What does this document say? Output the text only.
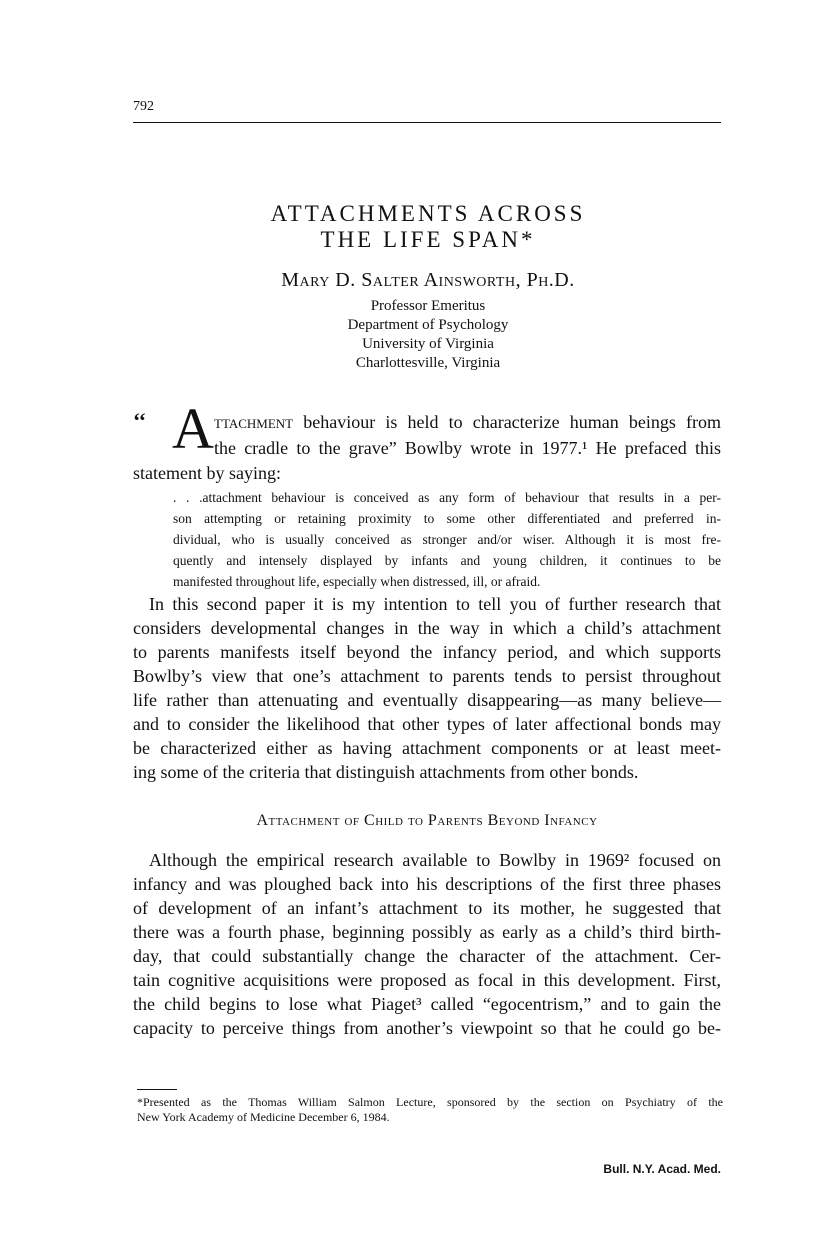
792
ATTACHMENTS ACROSS
THE LIFE SPAN*
Mary D. Salter Ainsworth, Ph.D.
Professor Emeritus
Department of Psychology
University of Virginia
Charlottesville, Virginia
‘‘ A ttachment behaviour is held to characterize human beings from
the cradle to the grave” Bowlby wrote in 1977.¹ He prefaced this
statement by saying:
. . .attachment behaviour is conceived as any form of behaviour that results in a per-
son attempting or retaining proximity to some other differentiated and preferred in-
dividual, who is usually conceived as stronger and/or wiser. Although it is most fre-
quently and intensely displayed by infants and young children, it continues to be
manifested throughout life, especially when distressed, ill, or afraid.
In this second paper it is my intention to tell you of further research that
considers developmental changes in the way in which a child’s attachment
to parents manifests itself beyond the infancy period, and which supports
Bowlby’s view that one’s attachment to parents tends to persist throughout
life rather than attenuating and eventually disappearing—as many believe—
and to consider the likelihood that other types of later affectional bonds may
be characterized either as having attachment components or at least meet-
ing some of the criteria that distinguish attachments from other bonds.
Attachment of Child to Parents Beyond Infancy
Although the empirical research available to Bowlby in 1969² focused on
infancy and was ploughed back into his descriptions of the first three phases
of development of an infant’s attachment to its mother, he suggested that
there was a fourth phase, beginning possibly as early as a child’s third birth-
day, that could substantially change the character of the attachment. Cer-
tain cognitive acquisitions were proposed as focal in this development. First,
the child begins to lose what Piaget³ called “egocentrism,” and to gain the
capacity to perceive things from another’s viewpoint so that he could go be-
*Presented as the Thomas William Salmon Lecture, sponsored by the section on Psychiatry of the
New York Academy of Medicine December 6, 1984.
Bull. N.Y. Acad. Med.
